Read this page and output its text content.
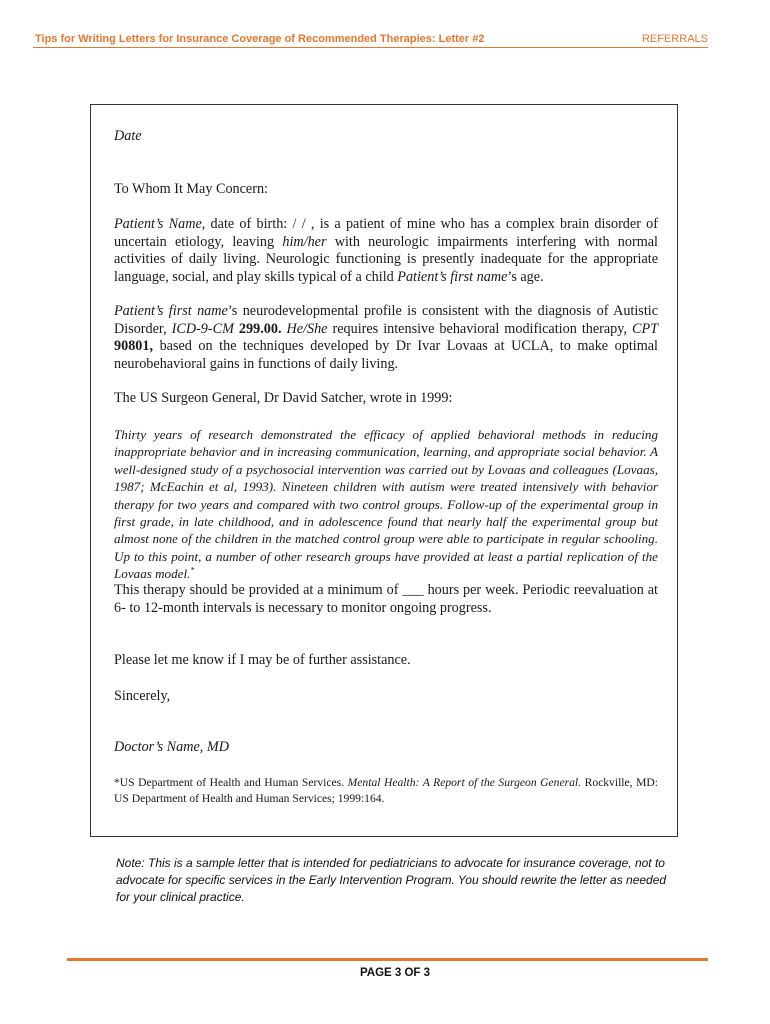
Tips for Writing Letters for Insurance Coverage of Recommended Therapies: Letter #2	REFERRALS

Date

To Whom It May Concern:

Patient’s Name, date of birth: / / , is a patient of mine who has a complex brain disorder of uncertain etiology, leaving him/her with neurologic impairments interfering with normal activities of daily living. Neurologic functioning is presently inadequate for the appropriate language, social, and play skills typical of a child Patient’s first name’s age.

Patient’s first name’s neurodevelopmental profile is consistent with the diagnosis of Autistic Disorder, ICD-9-CM 299.00. He/She requires intensive behavioral modification therapy, CPT 90801, based on the techniques developed by Dr Ivar Lovaas at UCLA, to make optimal neurobehavioral gains in functions of daily living.

The US Surgeon General, Dr David Satcher, wrote in 1999:

Thirty years of research demonstrated the efficacy of applied behavioral methods in reducing inappropriate behavior and in increasing communication, learning, and appropriate social behavior. A well-designed study of a psychosocial intervention was carried out by Lovaas and colleagues (Lovaas, 1987; McEachin et al, 1993). Nineteen children with autism were treated intensively with behavior therapy for two years and compared with two control groups. Follow-up of the experimental group in first grade, in late childhood, and in adolescence found that nearly half the experimental group but almost none of the children in the matched control group were able to participate in regular schooling. Up to this point, a number of other research groups have provided at least a partial replication of the Lovaas model.*

This therapy should be provided at a minimum of ___ hours per week. Periodic reevaluation at 6- to 12-month intervals is necessary to monitor ongoing progress.

Please let me know if I may be of further assistance.

Sincerely,

Doctor’s Name, MD

*US Department of Health and Human Services. Mental Health: A Report of the Surgeon General. Rockville, MD: US Department of Health and Human Services; 1999:164.

Note: This is a sample letter that is intended for pediatricians to advocate for insurance coverage, not to advocate for specific services in the Early Intervention Program. You should rewrite the letter as needed for your clinical practice.
PAGE 3 OF 3
